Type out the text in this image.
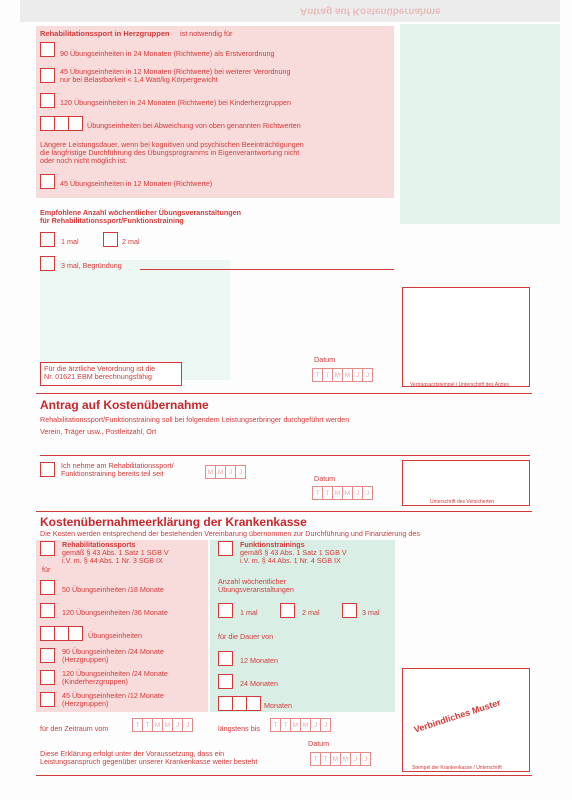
Antrag auf Kostenübernahme
Rehabilitationssport in Herzgruppen ist notwendig für
90 Übungseinheiten in 24 Monaten (Richtwerte) als Erstverordnung
45 Übungseinheiten in 12 Monaten (Richtwerte) bei weiterer Verordnung
nur bei Belastbarkeit < 1,4 Watt/kg Körpergewicht
120 Übungseinheiten in 24 Monaten (Richtwerte) bei Kinderherzgruppen
Übungseinheiten bei Abweichung von oben genannten Richtwerten
Längere Leistungsdauer, wenn bei kognitiven und psychischen Beeinträchtigungen
die langfristige Durchführung des Übungsprogramms in Eigenverantwortung nicht
oder noch nicht möglich ist.
45 Übungseinheiten in 12 Monaten (Richtwerte)
Empfohlene Anzahl wöchentlicher Übungsveranstaltungen
für Rehabilitationssport/Funktionstraining
1 mal	2 mal
3 mal, Begründung
Für die ärztliche Verordnung ist die
Nr. 01621 EBM berechnungsfähig
Datum
T T M M J	J
Vertragsarztstempel / Unterschrift des Arztes
Antrag auf Kostenübernahme
Rehabilitationssport/Funktionstraining soll bei folgendem Leistungserbringer durchgeführt werden
Verein, Träger usw., Postleitzahl, Ort
Ich nehme am Rehabilitationssport/
Funktionstraining bereits teil seit	M M J	J
Datum
T T M M J	J
Unterschrift des Versicherten
Kostenübernahmeerklärung der Krankenkasse
Die Kosten werden entsprechend der bestehenden Vereinbarung übernommen zur Durchführung und Finanzierung des
Rehabilitationssports
gemäß § 43 Abs. 1 Satz 1 SGB V
i.V. m. § 44 Abs. 1 Nr. 3 SGB IX
für
50 Übungseinheiten /18 Monate
120 Übungseinheiten /36 Monate
Übungseinheiten
90 Übungseinheiten /24 Monate
(Herzgruppen)
120 Übungseinheiten /24 Monate
(Kinderherzgruppen)
45 Übungseinheiten /12 Monate
(Herzgruppen)
Funktionstrainings
gemäß § 43 Abs. 1 Satz 1 SGB V
i.V. m. § 44 Abs. 1 Nr. 4 SGB IX
Anzahl wöchentlicher
Übungsveranstaltungen
1 mal	2 mal	3 mal
für die Dauer von
12 Monaten
24 Monaten
Monaten
für den Zeitraum vom	T T M M J	J	längstens bis	T T M M J	J
Datum
Diese Erklärung erfolgt unter der Voraussetzung, dass ein
Leistungsanspruch gegenüber unserer Krankenkasse weiter besteht	T T M M J	J
Verbindliches Muster
Stempel der Krankenkasse / Unterschrift
